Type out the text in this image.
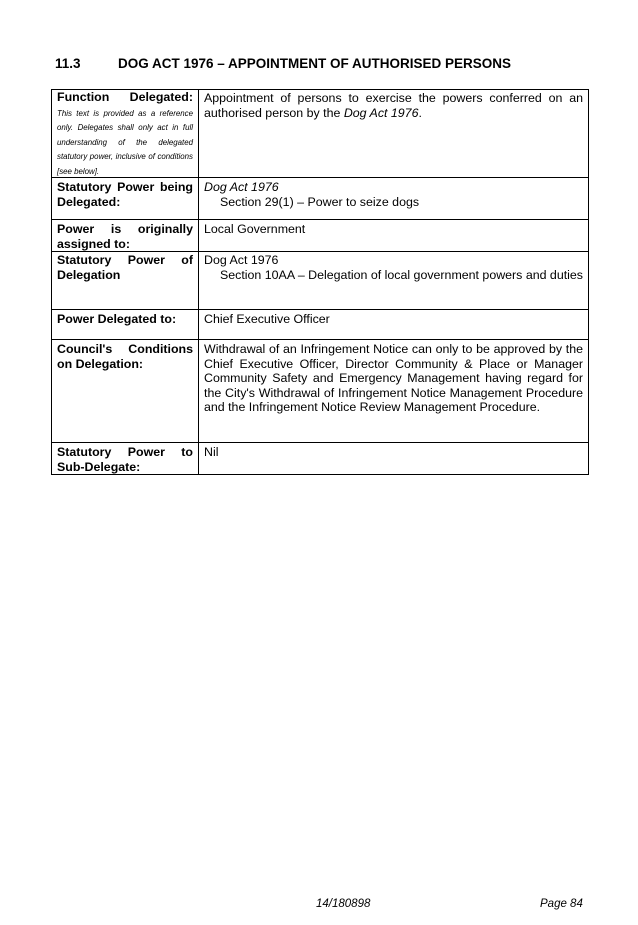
11.3	DOG ACT 1976 – APPOINTMENT OF AUTHORISED PERSONS
Function Delegated: This text is provided as a reference only. Delegates shall only act in full understanding of the delegated statutory power, inclusive of conditions [see below].	Appointment of persons to exercise the powers conferred on an authorised person by the Dog Act 1976.
Statutory Power being Delegated:	Dog Act 1976
Section 29(1) – Power to seize dogs

Power is originally assigned to:	Local Government
Statutory Power of Delegation	Dog Act 1976
Section 10AA – Delegation of local government powers and duties

Power Delegated to:	Chief Executive Officer
Council's Conditions on Delegation:	Withdrawal of an Infringement Notice can only to be approved by the Chief Executive Officer, Director Community & Place or Manager Community Safety and Emergency Management having regard for the City's Withdrawal of Infringement Notice Management Procedure and the Infringement Notice Review Management Procedure.
Statutory Power to Sub-Delegate:	Nil
14/180898	Page 84
